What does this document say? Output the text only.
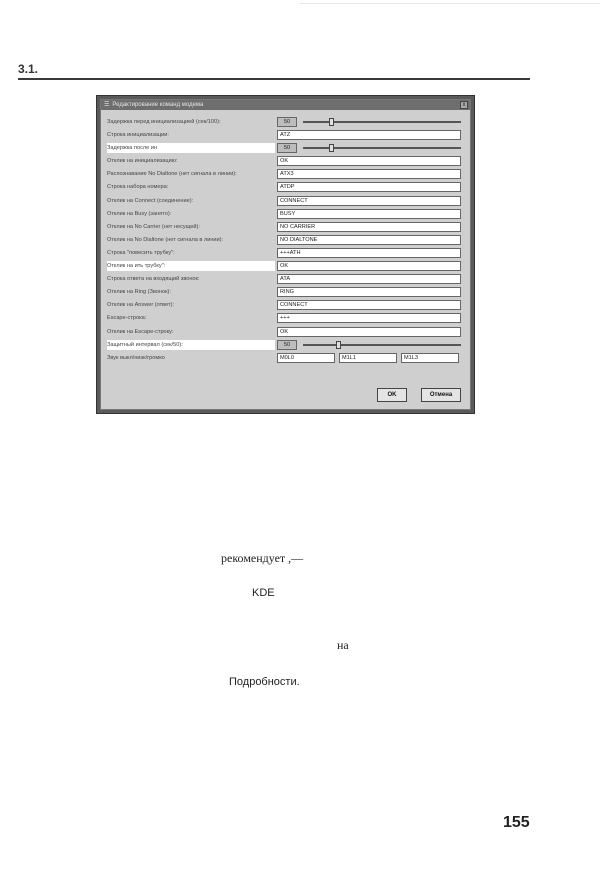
3.1.
☰ Редактирование команд модема	x
Задержка перед инициализацией (сек/100):	50
Строка инициализации:	ATZ
Задержка после ин	50
Отклик на инициализацию:	OK
Распознавание No Dialtone (нет сигнала в линии):	ATX3
Строка набора номера:	ATDP
Отклик на Connect (соединение):	CONNECT
Отклик на Busy (занято):	BUSY
Отклик на No Carrier (нет несущей):	NO CARRIER
Отклик на No Dialtone (нет сигнала в линии):	NO DIALTONE
Строка "повесить трубку":	+++ATH
Отклик на ить трубку":	OK
Строка ответа на входящий звонок:	ATA
Отклик на Ring (Звонок):	RING
Отклик на Answer (ответ):	CONNECT
Escape-строка:	+++
Отклик на Escape-строку:	OK
Защитный интервал (сек/50):	50
Звук выкл/низк/громко	M0L0	M1L1	M1L3
OK	Отмена
рекомендует ,—
KDE
на
Подробности.
155
